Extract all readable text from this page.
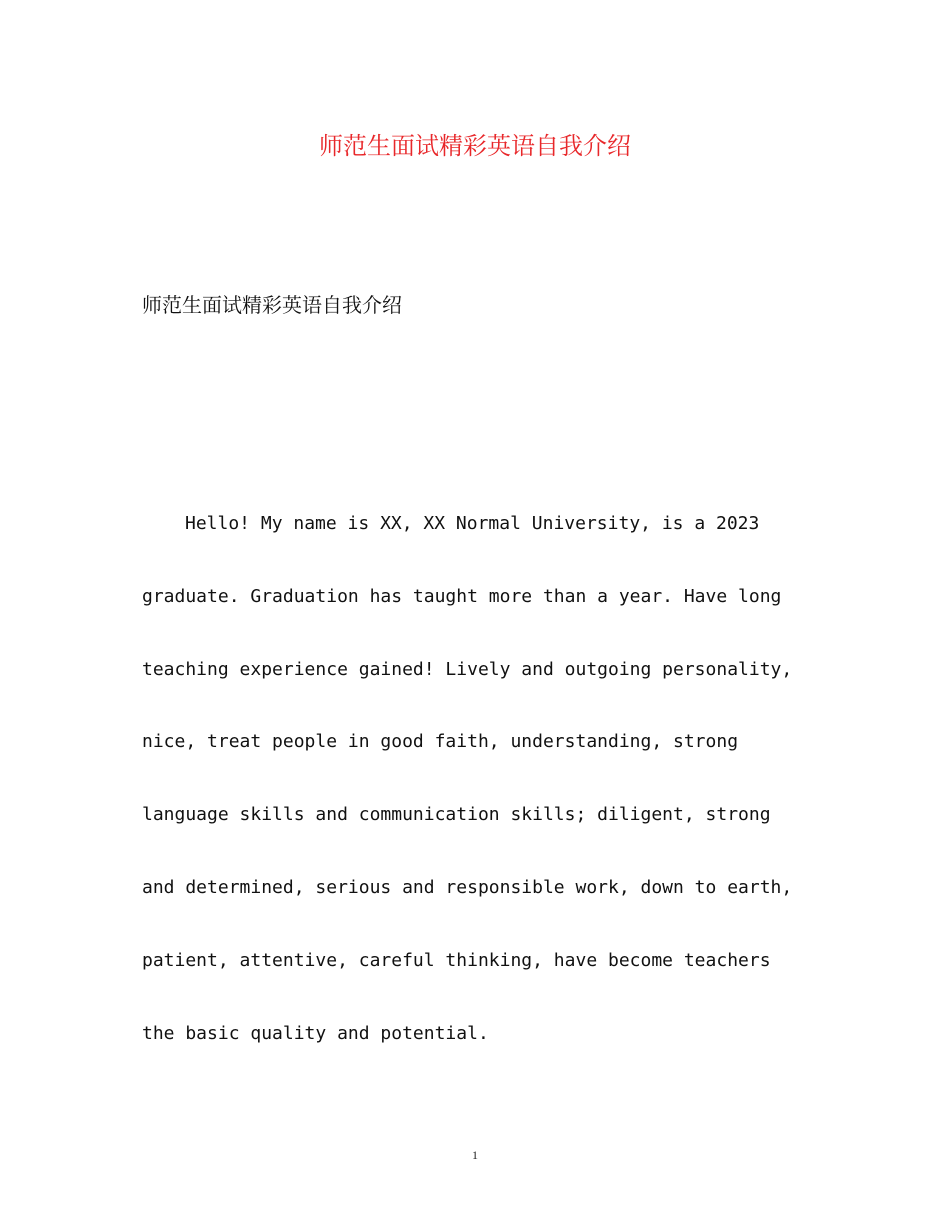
师范生面试精彩英语自我介绍

师范生面试精彩英语自我介绍

Hello! My name is XX, XX Normal University, is a 2023
graduate. Graduation has taught more than a year. Have long
teaching experience gained! Lively and outgoing personality,
nice, treat people in good faith, understanding, strong
language skills and communication skills; diligent, strong
and determined, serious and responsible work, down to earth,
patient, attentive, careful thinking, have become teachers
the basic quality and potential.
1
